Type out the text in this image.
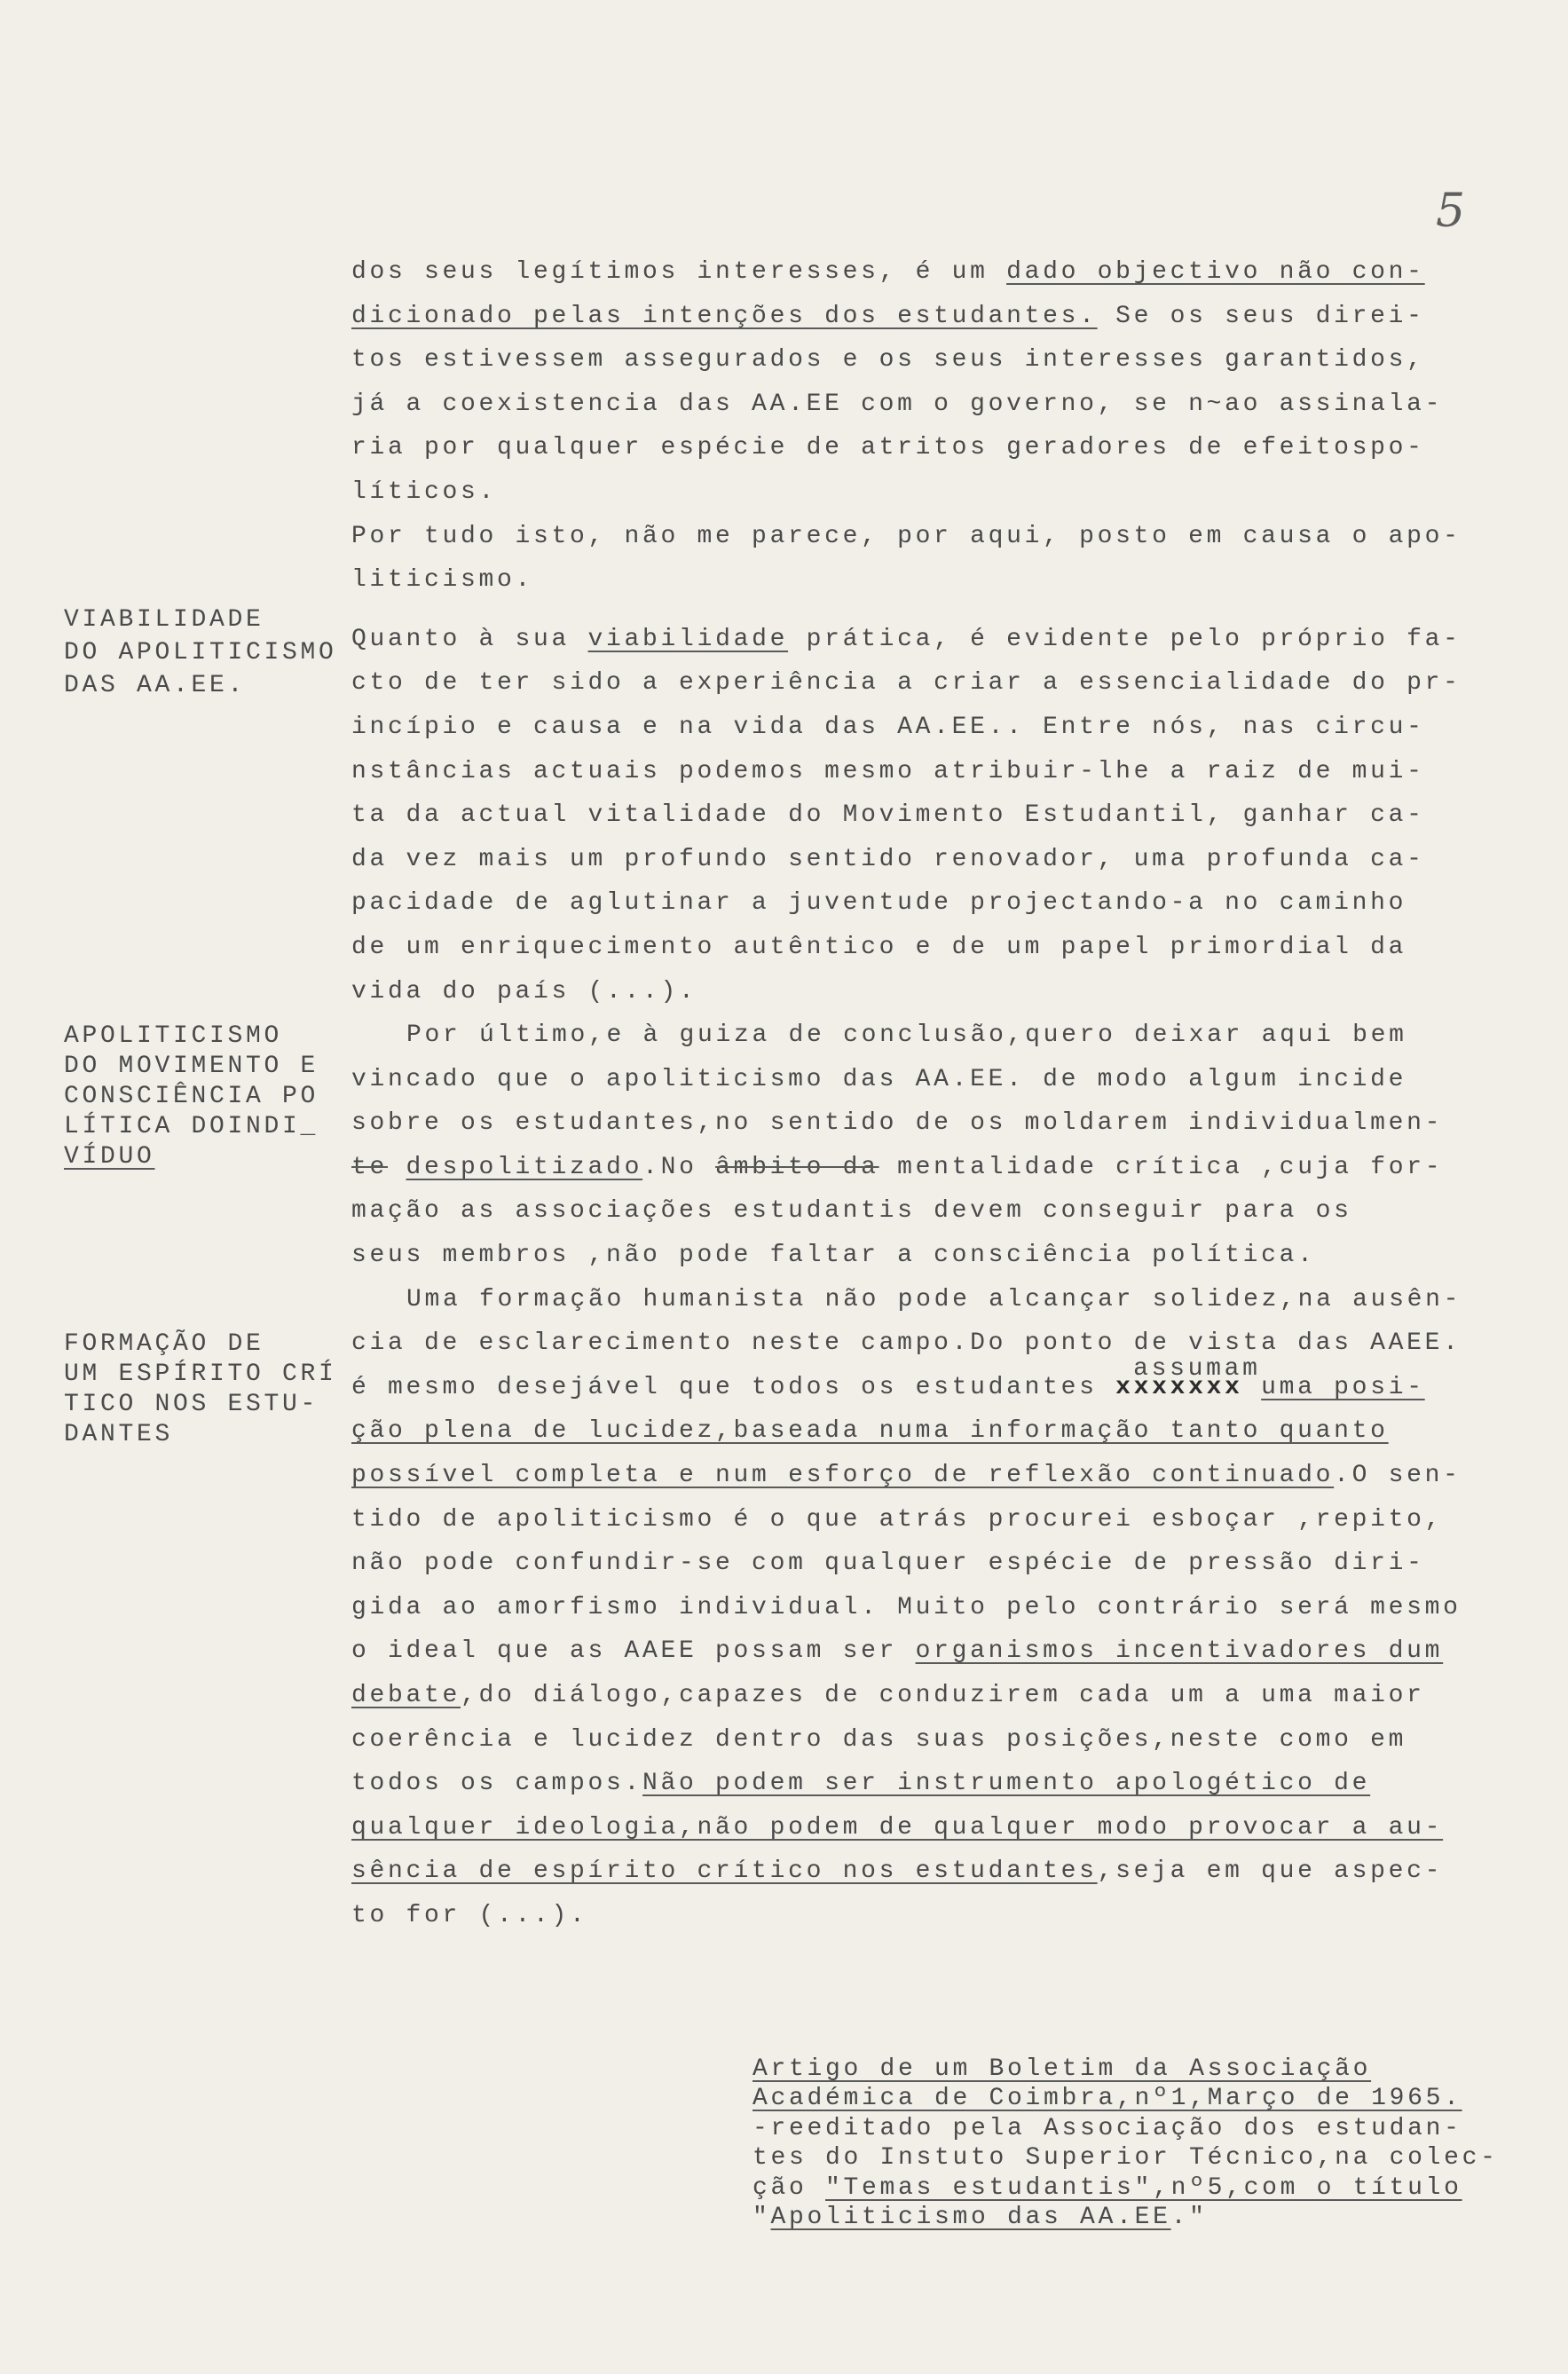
5
dos seus legítimos interesses, é um dado objectivo não con-
dicionado pelas intenções dos estudantes. Se os seus direi-
tos estivessem assegurados e os seus interesses garantidos,
já a coexistencia das AA.EE com o governo, se n~ao assinala-
ria por qualquer espécie de atritos geradores de efeitospo-
líticos.
Por tudo isto, não me parece, por aqui, posto em causa o apo-
liticismo.
Quanto à sua viabilidade prática, é evidente pelo próprio fa-
cto de ter sido a experiência a criar a essencialidade do pr-
incípio e causa e na vida das AA.EE.. Entre nós, nas circu-
nstâncias actuais podemos mesmo atribuir-lhe a raiz de mui-
ta da actual vitalidade do Movimento Estudantil, ganhar ca-
da vez mais um profundo sentido renovador, uma profunda ca-
pacidade de aglutinar a juventude projectando-a no caminho
de um enriquecimento autêntico e de um papel primordial da
vida do país (...).
Por último,e à guiza de conclusão,quero deixar aqui bem
vincado que o apoliticismo das AA.EE. de modo algum incide
sobre os estudantes,no sentido de os moldarem individualmen-
te despolitizado.No âmbito da mentalidade crítica ,cuja for-
mação as associações estudantis devem conseguir para os
seus membros ,não pode faltar a consciência política.
Uma formação humanista não pode alcançar solidez,na ausên-
cia de esclarecimento neste campo.Do ponto de vista das AAEE.
é mesmo desejável que todos os estudantes xxxxxxx
assumam
uma posi-
ção plena de lucidez,baseada numa informação tanto quanto
possível completa e num esforço de reflexão continuado.O sen-
tido de apoliticismo é o que atrás procurei esboçar ,repito,
não pode confundir-se com qualquer espécie de pressão diri-
gida ao amorfismo individual. Muito pelo contrário será mesmo
o ideal que as AAEE possam ser organismos incentivadores dum
debate,do diálogo,capazes de conduzirem cada um a uma maior
coerência e lucidez dentro das suas posições,neste como em
todos os campos.Não podem ser instrumento apologético de
qualquer ideologia,não podem de qualquer modo provocar a au-
sência de espírito crítico nos estudantes,seja em que aspec-
to for (...).
VIABILIDADE
DO APOLITICISMO
DAS AA.EE.
APOLITICISMO
DO MOVIMENTO E
CONSCIÊNCIA PO
LÍTICA DOINDI_
VÍDUO
FORMAÇÃO DE
UM ESPÍRITO CRÍ
TICO NOS ESTU-
DANTES
Artigo de um Boletim da Associação
Académica de Coimbra,nº1,Março de 1965.
-reeditado pela Associação dos estudan-
tes do Instuto Superior Técnico,na colec-
ção "Temas estudantis",nº5,com o título
"Apoliticismo das AA.EE."
